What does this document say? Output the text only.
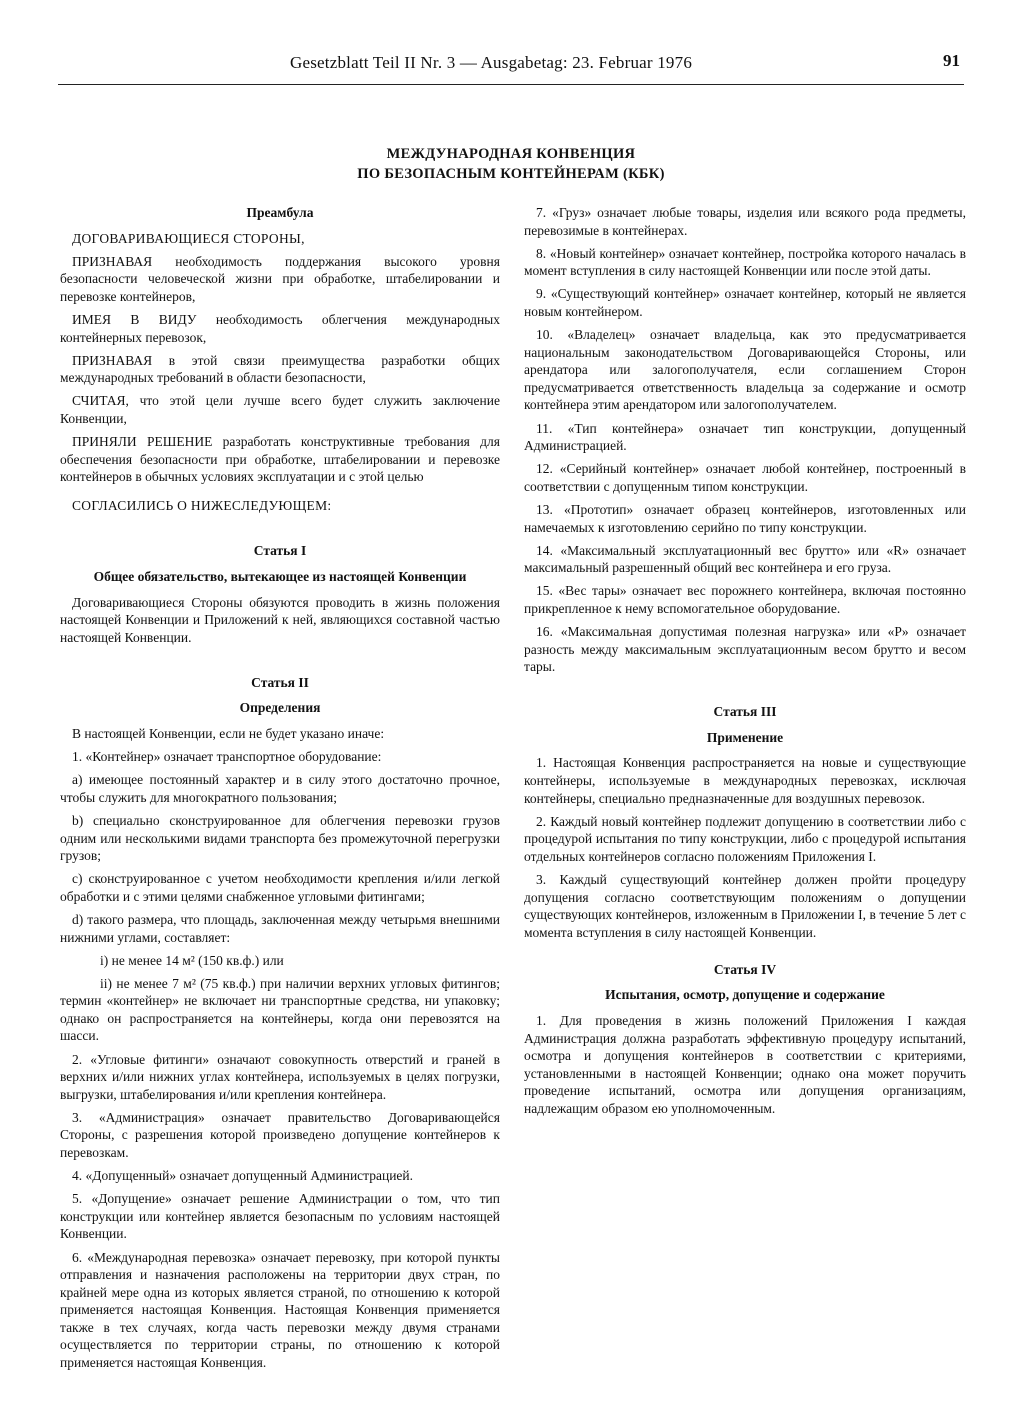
Gesetzblatt Teil II Nr. 3 — Ausgabetag: 23. Februar 1976	91
МЕЖДУНАРОДНАЯ КОНВЕНЦИЯ
ПО БЕЗОПАСНЫМ КОНТЕЙНЕРАМ (КБК)
Преамбула

ДОГОВАРИВАЮЩИЕСЯ СТОРОНЫ,

ПРИЗНАВАЯ необходимость поддержания высокого уровня безопасности человеческой жизни при обработке, штабелировании и перевозке контейнеров,

ИМЕЯ В ВИДУ необходимость облегчения международных контейнерных перевозок,

ПРИЗНАВАЯ в этой связи преимущества разработки общих международных требований в области безопасности,

СЧИТАЯ, что этой цели лучше всего будет служить заключение Конвенции,

ПРИНЯЛИ РЕШЕНИЕ разработать конструктивные требования для обеспечения безопасности при обработке, штабелировании и перевозке контейнеров в обычных условиях эксплуатации и с этой целью

СОГЛАСИЛИСЬ О НИЖЕСЛЕДУЮЩЕМ:

Статья I
Общее обязательство, вытекающее из настоящей Конвенции

Договаривающиеся Стороны обязуются проводить в жизнь положения настоящей Конвенции и Приложений к ней, являющихся составной частью настоящей Конвенции.

Статья II
Определения

В настоящей Конвенции, если не будет указано иначе:

1. «Контейнер» означает транспортное оборудование:

a) имеющее постоянный характер и в силу этого достаточно прочное, чтобы служить для многократного пользования;

b) специально сконструированное для облегчения перевозки грузов одним или несколькими видами транспорта без промежуточной перегрузки грузов;

c) сконструированное с учетом необходимости крепления и/или легкой обработки и с этими целями снабженное угловыми фитингами;

d) такого размера, что площадь, заключенная между четырьмя внешними нижними углами, составляет:

i) не менее 14 м² (150 кв.ф.) или

ii) не менее 7 м² (75 кв.ф.) при наличии верхних угловых фитингов; термин «контейнер» не включает ни транспортные средства, ни упаковку; однако он распространяется на контейнеры, когда они перевозятся на шасси.

2. «Угловые фитинги» означают совокупность отверстий и граней в верхних и/или нижних углах контейнера, используемых в целях погрузки, выгрузки, штабелирования и/или крепления контейнера.

3. «Администрация» означает правительство Договаривающейся Стороны, с разрешения которой произведено допущение контейнеров к перевозкам.

4. «Допущенный» означает допущенный Администрацией.

5. «Допущение» означает решение Администрации о том, что тип конструкции или контейнер является безопасным по условиям настоящей Конвенции.

6. «Международная перевозка» означает перевозку, при которой пункты отправления и назначения расположены на территории двух стран, по крайней мере одна из которых является страной, по отношению к которой применяется настоящая Конвенция. Настоящая Конвенция применяется также в тех случаях, когда часть перевозки между двумя странами осуществляется по территории страны, по отношению к которой применяется настоящая Конвенция.

7. «Груз» означает любые товары, изделия или всякого рода предметы, перевозимые в контейнерах.

8. «Новый контейнер» означает контейнер, постройка которого началась в момент вступления в силу настоящей Конвенции или после этой даты.

9. «Существующий контейнер» означает контейнер, который не является новым контейнером.

10. «Владелец» означает владельца, как это предусматривается национальным законодательством Договаривающейся Стороны, или арендатора или залогополучателя, если соглашением Сторон предусматривается ответственность владельца за содержание и осмотр контейнера этим арендатором или залогополучателем.

11. «Тип контейнера» означает тип конструкции, допущенный Администрацией.

12. «Серийный контейнер» означает любой контейнер, построенный в соответствии с допущенным типом конструкции.

13. «Прототип» означает образец контейнеров, изготовленных или намечаемых к изготовлению серийно по типу конструкции.

14. «Максимальный эксплуатационный вес брутто» или «R» означает максимальный разрешенный общий вес контейнера и его груза.

15. «Вес тары» означает вес порожнего контейнера, включая постоянно прикрепленное к нему вспомогательное оборудование.

16. «Максимальная допустимая полезная нагрузка» или «P» означает разность между максимальным эксплуатационным весом брутто и весом тары.

Статья III
Применение

1. Настоящая Конвенция распространяется на новые и существующие контейнеры, используемые в международных перевозках, исключая контейнеры, специально предназначенные для воздушных перевозок.

2. Каждый новый контейнер подлежит допущению в соответствии либо с процедурой испытания по типу конструкции, либо с процедурой испытания отдельных контейнеров согласно положениям Приложения I.

3. Каждый существующий контейнер должен пройти процедуру допущения согласно соответствующим положениям о допущении существующих контейнеров, изложенным в Приложении I, в течение 5 лет с момента вступления в силу настоящей Конвенции.

Статья IV
Испытания, осмотр, допущение и содержание

1. Для проведения в жизнь положений Приложения I каждая Администрация должна разработать эффективную процедуру испытаний, осмотра и допущения контейнеров в соответствии с критериями, установленными в настоящей Конвенции; однако она может поручить проведение испытаний, осмотра или допущения организациям, надлежащим образом ею уполномоченным.
